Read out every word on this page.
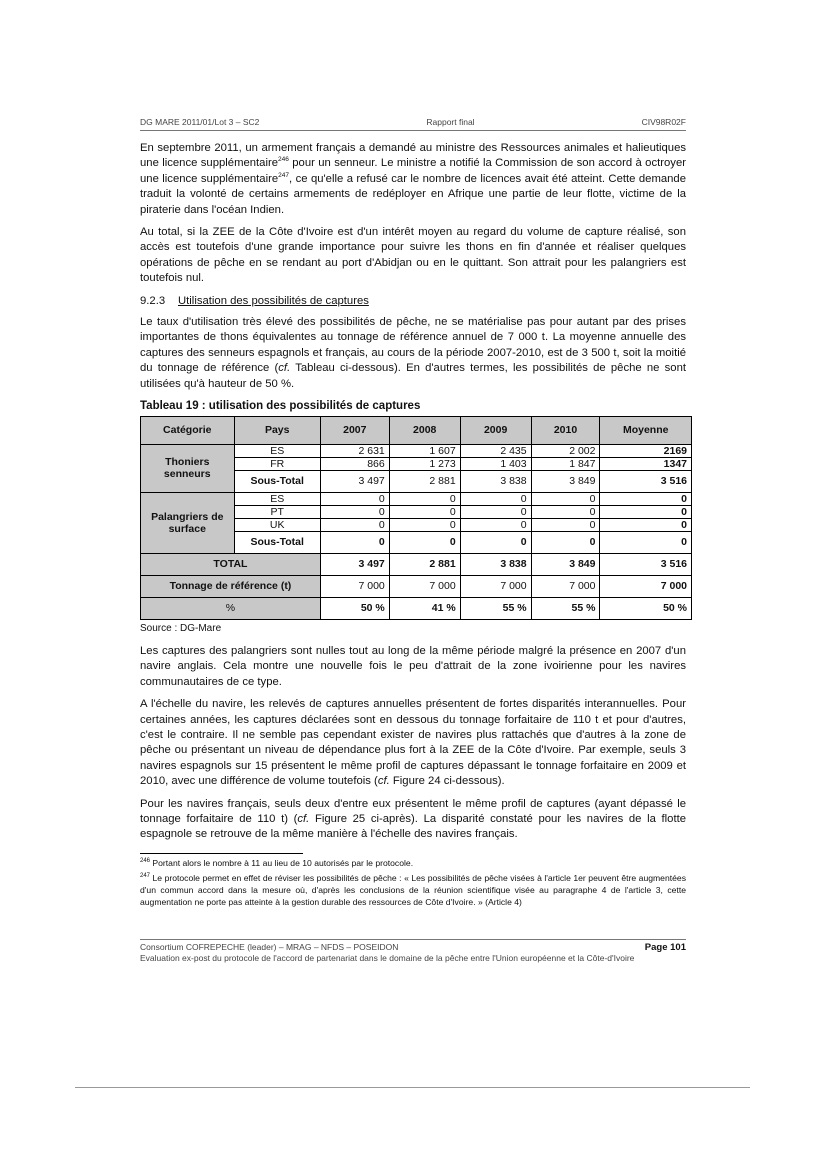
DG MARE 2011/01/Lot 3 – SC2	Rapport final	CIV98R02F

En septembre 2011, un armement français a demandé au ministre des Ressources animales et halieutiques une licence supplémentaire$^{246}$ pour un senneur. Le ministre a notifié la Commission de son accord à octroyer une licence supplémentaire$^{247}$, ce qu'elle a refusé car le nombre de licences avait été atteint. Cette demande traduit la volonté de certains armements de redéployer en Afrique une partie de leur flotte, victime de la piraterie dans l'océan Indien.

Au total, si la ZEE de la Côte d'Ivoire est d'un intérêt moyen au regard du volume de capture réalisé, son accès est toutefois d'une grande importance pour suivre les thons en fin d'année et réaliser quelques opérations de pêche en se rendant au port d'Abidjan ou en le quittant. Son attrait pour les palangriers est toutefois nul.

9.2.3 Utilisation des possibilités de captures

Le taux d'utilisation très élevé des possibilités de pêche, ne se matérialise pas pour autant par des prises importantes de thons équivalentes au tonnage de référence annuel de 7 000 t. La moyenne annuelle des captures des senneurs espagnols et français, au cours de la période 2007-2010, est de 3 500 t, soit la moitié du tonnage de référence (cf. Tableau ci-dessous). En d'autres termes, les possibilités de pêche ne sont utilisées qu'à hauteur de 50 %.

Tableau 19 : utilisation des possibilités de captures
Catégorie	Pays	2007	2008	2009	2010	Moyenne
Thoniers senneurs	ES	2 631	1 607	2 435	2 002	2169
	FR	866	1 273	1 403	1 847	1347
	Sous-Total	3 497	2 881	3 838	3 849	3 516
Palangriers de surface	ES	0	0	0	0	0
	PT	0	0	0	0	0
	UK	0	0	0	0	0
	Sous-Total	0	0	0	0	0
TOTAL		3 497	2 881	3 838	3 849	3 516
Tonnage de référence (t)		7 000	7 000	7 000	7 000	7 000
%		50 %	41 %	55 %	55 %	50 %
Source : DG-Mare

Les captures des palangriers sont nulles tout au long de la même période malgré la présence en 2007 d'un navire anglais. Cela montre une nouvelle fois le peu d'attrait de la zone ivoirienne pour les navires communautaires de ce type.

A l'échelle du navire, les relevés de captures annuelles présentent de fortes disparités interannuelles. Pour certaines années, les captures déclarées sont en dessous du tonnage forfaitaire de 110 t et pour d'autres, c'est le contraire. Il ne semble pas cependant exister de navires plus rattachés que d'autres à la zone de pêche ou présentant un niveau de dépendance plus fort à la ZEE de la Côte d'Ivoire. Par exemple, seuls 3 navires espagnols sur 15 présentent le même profil de captures dépassant le tonnage forfaitaire en 2009 et 2010, avec une différence de volume toutefois (cf. Figure 24 ci-dessous).

Pour les navires français, seuls deux d'entre eux présentent le même profil de captures (ayant dépassé le tonnage forfaitaire de 110 t) (cf. Figure 25 ci-après). La disparité constaté pour les navires de la flotte espagnole se retrouve de la même manière à l'échelle des navires français.

$^{246}$ Portant alors le nombre à 11 au lieu de 10 autorisés par le protocole.
$^{247}$ Le protocole permet en effet de réviser les possibilités de pêche : « Les possibilités de pêche visées à l'article 1er peuvent être augmentées d'un commun accord dans la mesure où, d'après les conclusions de la réunion scientifique visée au paragraphe 4 de l'article 3, cette augmentation ne porte pas atteinte à la gestion durable des ressources de Côte d'Ivoire. » (Article 4)
Consortium COFREPECHE (leader) – MRAG – NFDS – POSEIDON	Page 101
Evaluation ex-post du protocole de l'accord de partenariat dans le domaine de la pêche entre l'Union européenne et la Côte-d'Ivoire
